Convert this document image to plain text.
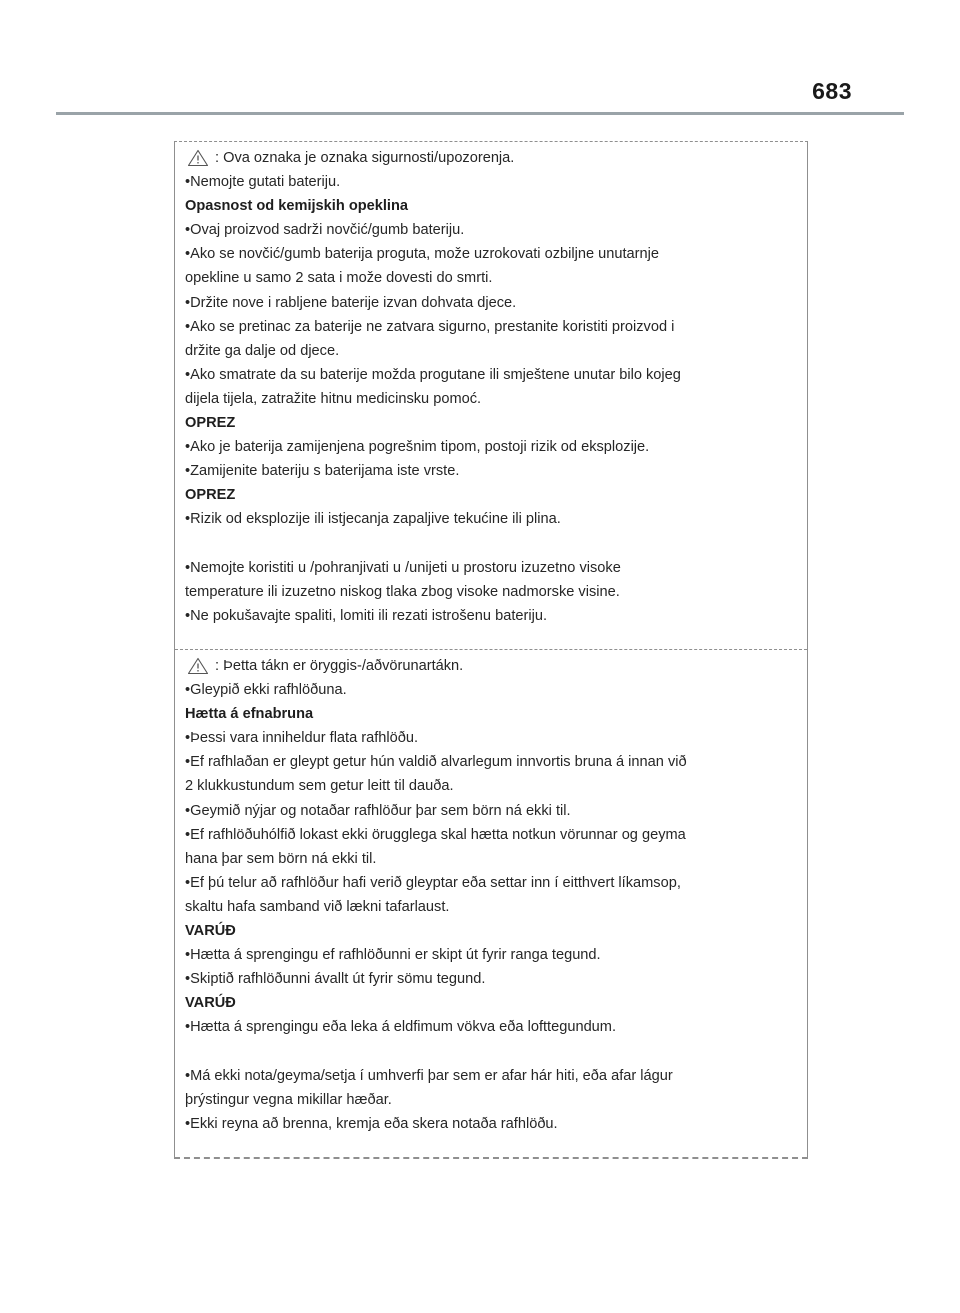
683
: Ova oznaka je oznaka sigurnosti/upozorenja.
•Nemojte gutati bateriju.
Opasnost od kemijskih opeklina
•Ovaj proizvod sadrži novčić/gumb bateriju.
•Ako se novčić/gumb baterija proguta, može uzrokovati ozbiljne unutarnje
opekline u samo 2 sata i može dovesti do smrti.
•Držite nove i rabljene baterije izvan dohvata djece.
•Ako se pretinac za baterije ne zatvara sigurno, prestanite koristiti proizvod i
držite ga dalje od djece.
•Ako smatrate da su baterije možda progutane ili smještene unutar bilo kojeg
dijela tijela, zatražite hitnu medicinsku pomoć.
OPREZ
•Ako je baterija zamijenjena pogrešnim tipom, postoji rizik od eksplozije.
•Zamijenite bateriju s baterijama iste vrste.
OPREZ
•Rizik od eksplozije ili istjecanja zapaljive tekućine ili plina.
•Nemojte koristiti u /pohranjivati u /unijeti u prostoru izuzetno visoke
temperature ili izuzetno niskog tlaka zbog visoke nadmorske visine.
•Ne pokušavajte spaliti, lomiti ili rezati istrošenu bateriju.
: Þetta tákn er öryggis-/aðvörunartákn.
•Gleypið ekki rafhlöðuna.
Hætta á efnabruna
•Þessi vara inniheldur flata rafhlöðu.
•Ef rafhlaðan er gleypt getur hún valdið alvarlegum innvortis bruna á innan við
2 klukkustundum sem getur leitt til dauða.
•Geymið nýjar og notaðar rafhlöður þar sem börn ná ekki til.
•Ef rafhlöðuhólfið lokast ekki örugglega skal hætta notkun vörunnar og geyma
hana þar sem börn ná ekki til.
•Ef þú telur að rafhlöður hafi verið gleyptar eða settar inn í eitthvert líkamsop,
skaltu hafa samband við lækni tafarlaust.
VARÚÐ
•Hætta á sprengingu ef rafhlöðunni er skipt út fyrir ranga tegund.
•Skiptið rafhlöðunni ávallt út fyrir sömu tegund.
VARÚÐ
•Hætta á sprengingu eða leka á eldfimum vökva eða lofttegundum.
•Má ekki nota/geyma/setja í umhverfi þar sem er afar hár hiti, eða afar lágur
þrýstingur vegna mikillar hæðar.
•Ekki reyna að brenna, kremja eða skera notaða rafhlöðu.
